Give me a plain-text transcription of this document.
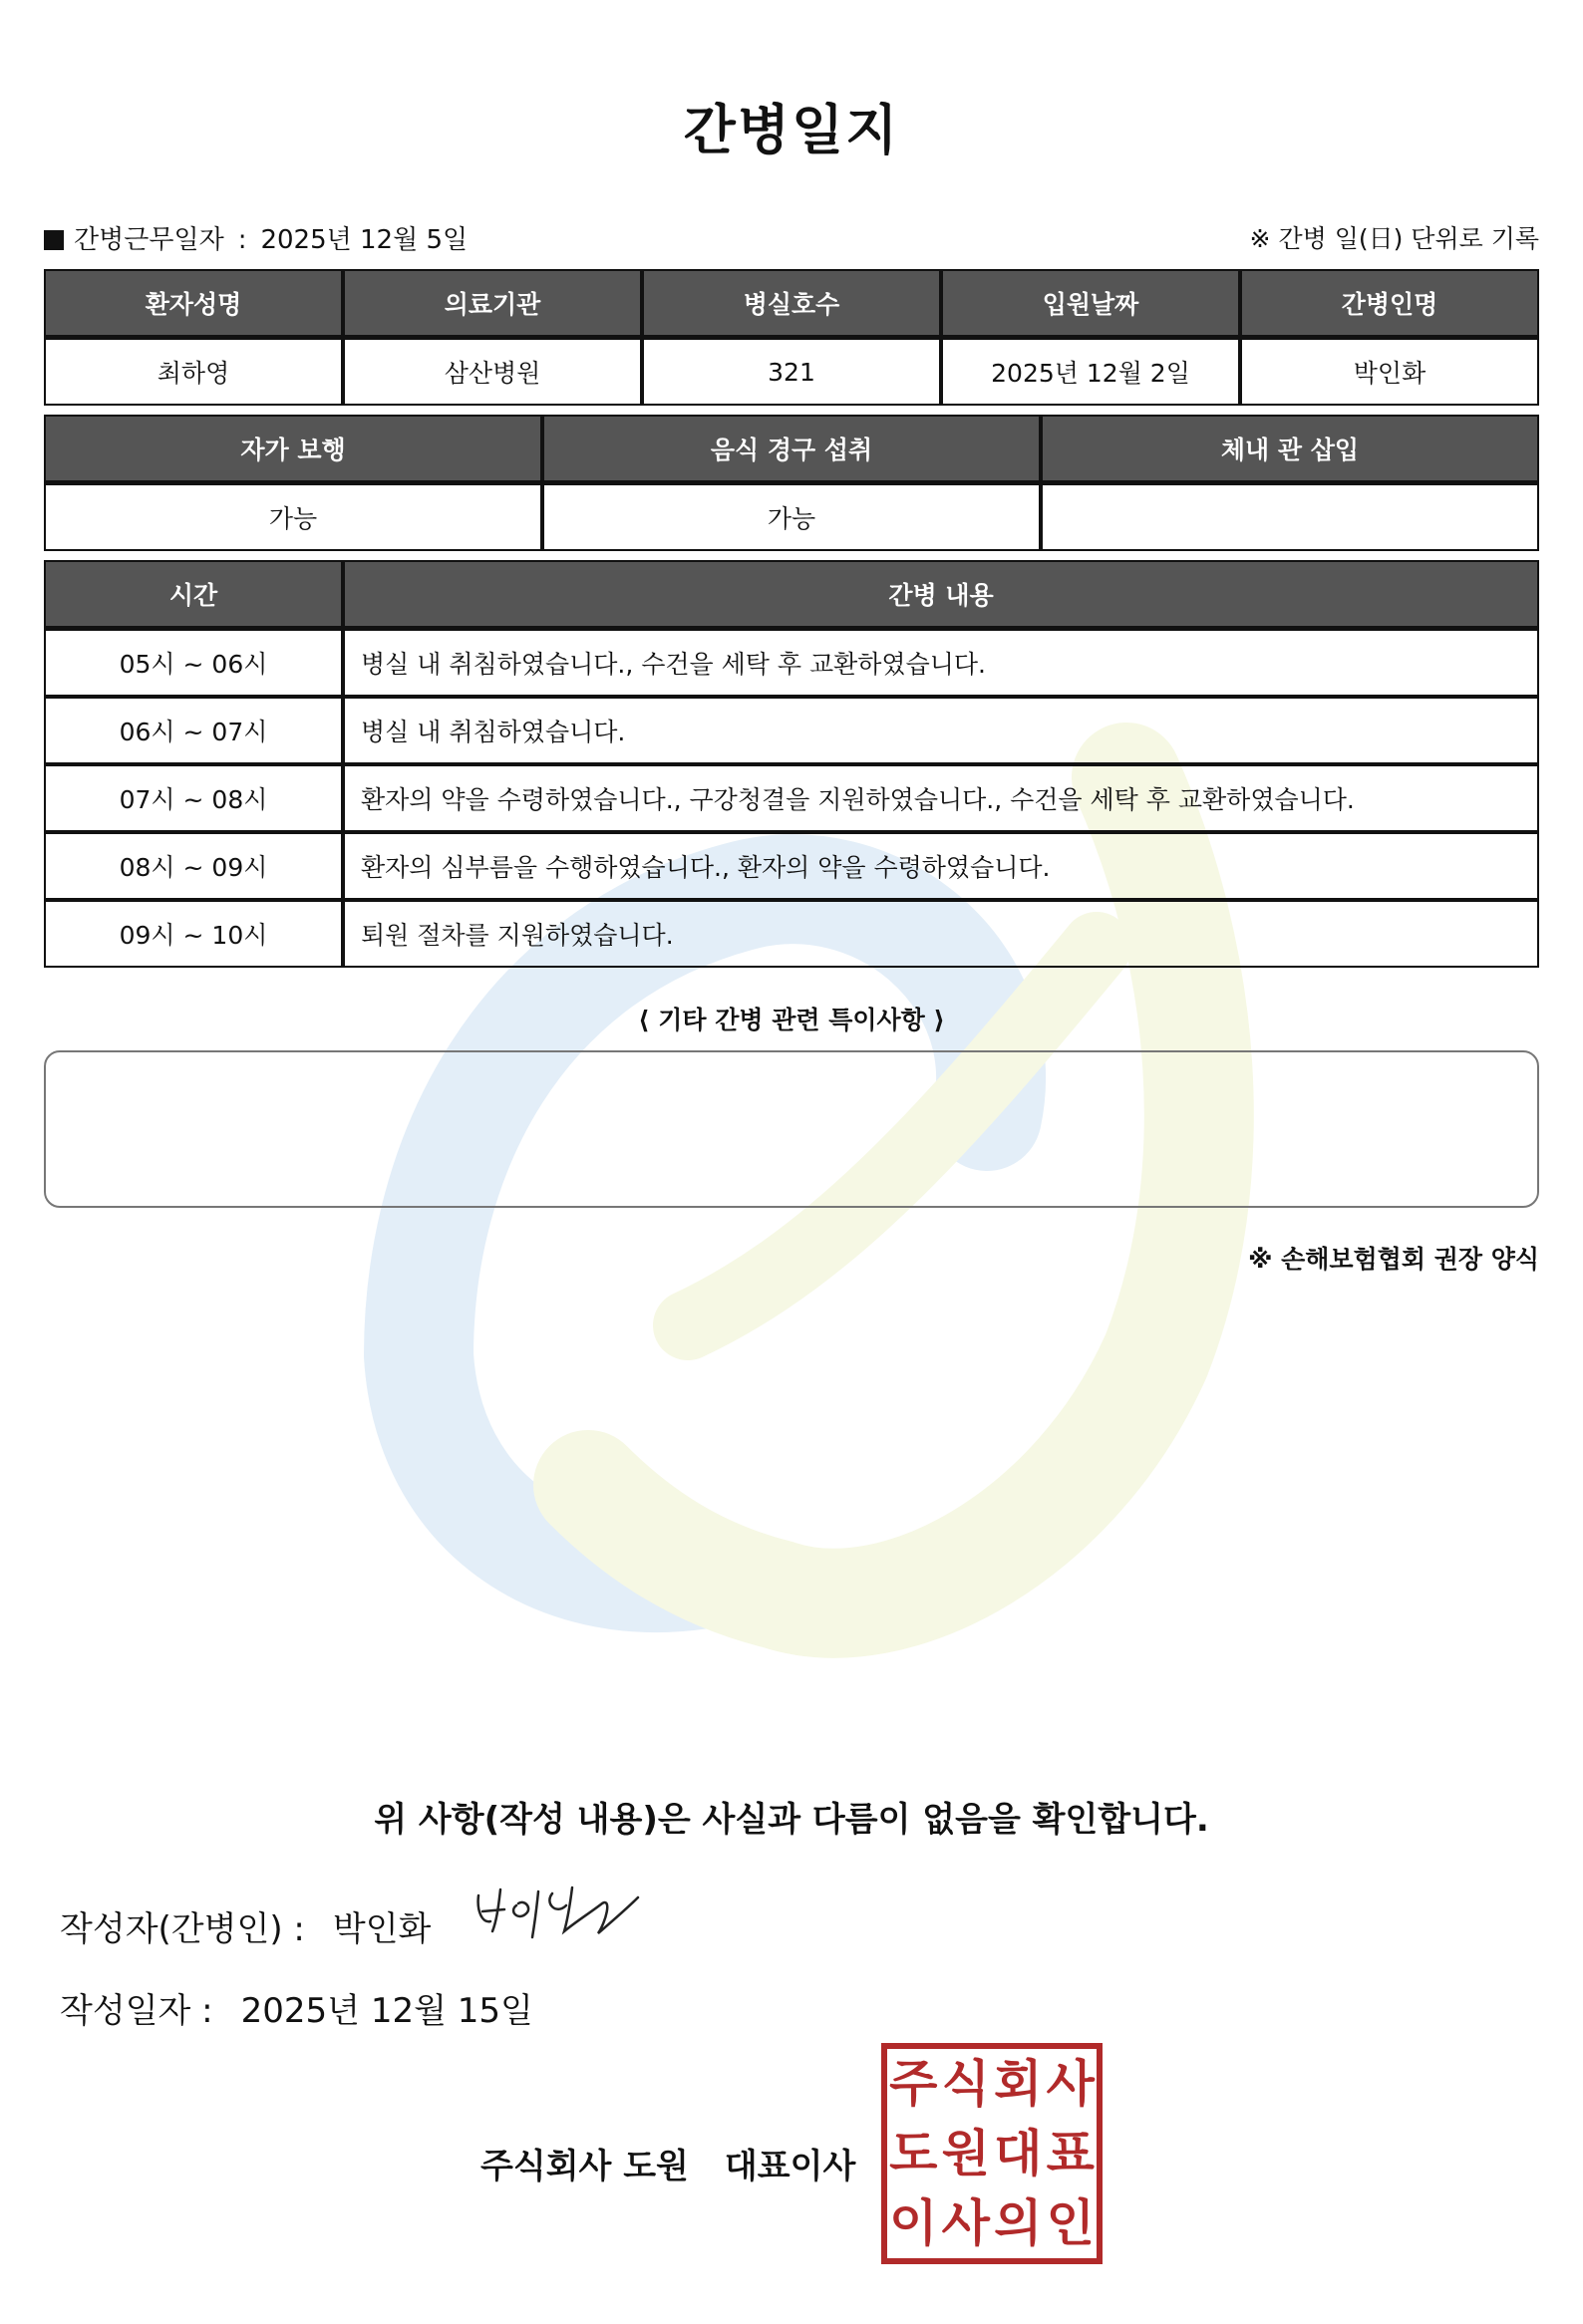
간병일지
간병근무일자 : 2025년 12월 5일	※ 간병 일(日) 단위로 기록
환자성명	의료기관	병실호수	입원날짜	간병인명
최하영	삼산병원	321	2025년 12월 2일	박인화
자가 보행	음식 경구 섭취	체내 관 삽입
가능	가능	
시간	간병 내용
05시 ~ 06시	병실 내 취침하였습니다., 수건을 세탁 후 교환하였습니다.
06시 ~ 07시	병실 내 취침하였습니다.
07시 ~ 08시	환자의 약을 수령하였습니다., 구강청결을 지원하였습니다., 수건을 세탁 후 교환하였습니다.
08시 ~ 09시	환자의 심부름을 수행하였습니다., 환자의 약을 수령하였습니다.
09시 ~ 10시	퇴원 절차를 지원하였습니다.
⟨ 기타 간병 관련 특이사항 ⟩
※ 손해보험협회 권장 양식
위 사항(작성 내용)은 사실과 다름이 없음을 확인합니다.
작성자(간병인) : 박인화
작성일자 : 2025년 12월 15일
주식회사 도원 대표이사
주 식 회 사
도 원 대 표
이 사 의 인
